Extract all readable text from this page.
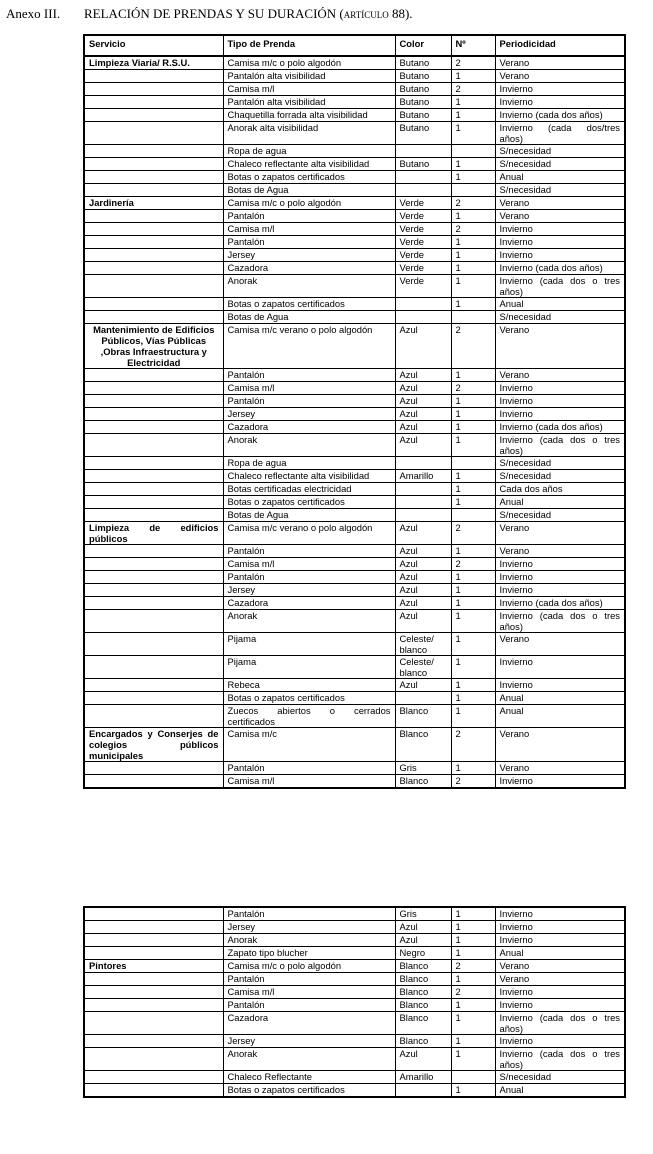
Anexo III. RELACIÓN DE PRENDAS Y SU DURACIÓN (artículo 88).
Servicio	Tipo de Prenda	Color	Nº	Periodicidad
Limpieza Viaria/ R.S.U.	Camisa m/c o polo algodón	Butano	2	Verano
	Pantalón alta visibilidad	Butano	1	Verano
	Camisa m/l	Butano	2	Invierno
	Pantalón alta visibilidad	Butano	1	Invierno
	Chaquetilla forrada alta visibilidad	Butano	1	Invierno (cada dos años)
	Anorak alta visibilidad	Butano	1	Invierno (cada dos/tres años)
	Ropa de agua			S/necesidad
	Chaleco reflectante alta visibilidad	Butano	1	S/necesidad
	Botas o zapatos certificados		1	Anual
	Botas de Agua			S/necesidad
Jardinería	Camisa m/c o polo algodón	Verde	2	Verano
	Pantalón	Verde	1	Verano
	Camisa m/l	Verde	2	Invierno
	Pantalón	Verde	1	Invierno
	Jersey	Verde	1	Invierno
	Cazadora	Verde	1	Invierno (cada dos años)
	Anorak	Verde	1	Invierno (cada dos o tres años)
	Botas o zapatos certificados		1	Anual
	Botas de Agua			S/necesidad
Mantenimiento de Edificios Públicos, Vías Públicas ,Obras Infraestructura y Electricidad	Camisa m/c verano o polo algodón	Azul	2	Verano
	Pantalón	Azul	1	Verano
	Camisa m/l	Azul	2	Invierno
	Pantalón	Azul	1	Invierno
	Jersey	Azul	1	Invierno
	Cazadora	Azul	1	Invierno (cada dos años)
	Anorak	Azul	1	Invierno (cada dos o tres años)
	Ropa de agua			S/necesidad
	Chaleco reflectante alta visibilidad	Amarillo	1	S/necesidad
	Botas certificadas electricidad		1	Cada dos años
	Botas o zapatos certificados		1	Anual
	Botas de Agua			S/necesidad
Limpieza de edificios públicos	Camisa m/c verano o polo algodón	Azul	2	Verano
	Pantalón	Azul	1	Verano
	Camisa m/l	Azul	2	Invierno
	Pantalón	Azul	1	Invierno
	Jersey	Azul	1	Invierno
	Cazadora	Azul	1	Invierno (cada dos años)
	Anorak	Azul	1	Invierno (cada dos o tres años)
	Pijama	Celeste/ blanco	1	Verano
	Pijama	Celeste/ blanco	1	Invierno
	Rebeca	Azul	1	Invierno
	Botas o zapatos certificados		1	Anual
	Zuecos abiertos o cerrados certificados	Blanco	1	Anual
Encargados y Conserjes de colegios públicos municipales	Camisa m/c	Blanco	2	Verano
	Pantalón	Gris	1	Verano
	Camisa m/l	Blanco	2	Invierno
	Pantalón	Gris	1	Invierno
	Jersey	Azul	1	Invierno
	Anorak	Azul	1	Invierno
	Zapato tipo blucher	Negro	1	Anual
Pintores	Camisa m/c o polo algodón	Blanco	2	Verano
	Pantalón	Blanco	1	Verano
	Camisa m/l	Blanco	2	Invierno
	Pantalón	Blanco	1	Invierno
	Cazadora	Blanco	1	Invierno (cada dos o tres años)
	Jersey	Blanco	1	Invierno
	Anorak	Azul	1	Invierno (cada dos o tres años)
	Chaleco Reflectante	Amarillo		S/necesidad
	Botas o zapatos certificados		1	Anual
